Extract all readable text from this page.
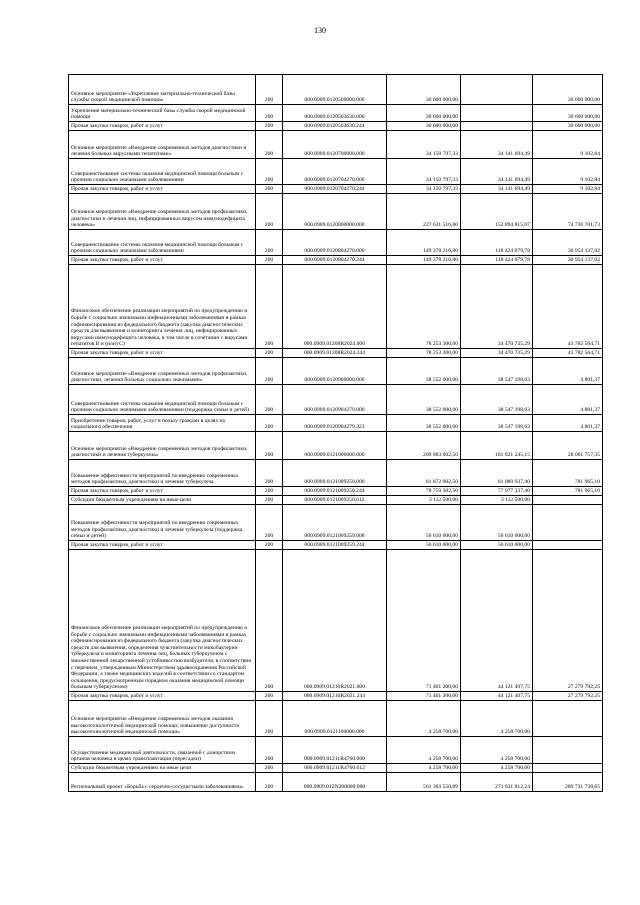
130
Основное мероприятие «Укрепление материально-технической базы службы скорой медицинской помощи»	200	000.0909.0120500000.000	30 600 000,00		30 600 000,00
Укрепление материально-технической базы службы скорой медицинской помощи	200	000.0909.0120503630.000	30 600 000,00		30 600 000,00
Прочая закупка товаров, работ и услуг	200	000.0909.0120503630.244	30 600 000,00		30 600 000,00
Основное мероприятие «Внедрение современных методов диагностики и лечения больных вирусными гепатитами»	200	000.0909.0120700000.000	34 150 797,33	34 141 694,49	9 102,84
Совершенствование системы оказания медицинской помощи больным с прочими социально значимыми заболеваниями	200	000.0909.0120704270.000	34 150 797,33	34 141 694,49	9 102,84
Прочая закупка товаров, работ и услуг	200	000.0909.0120704270.244	34 150 797,33	34 141 694,49	9 102,84
Основное мероприятие «Внедрение современных методов профилактики, диагностики и лечения лиц, инфицированных вирусом иммунодефицита человека»	200	000.0909.0120800000.000	227 631 516,80	152 894 815,07	74 736 701,73
Совершенствование системы оказания медицинской помощи больным с прочими социально значимыми заболеваниями	200	000.0909.0120804270.000	149 378 216,80	118 424 079,78	30 954 137,02
Прочая закупка товаров, работ и услуг	200	000.0909.0120804270.244	149 378 216,80	118 424 079,78	30 954 137,02
Финансовое обеспечение реализации мероприятий по предупреждению и борьбе с социально значимыми инфекционными заболеваниями в рамках софинансирования из федерального бюджета (закупка диагностических средств для выявления и мониторинга лечения лиц, инфицированных вирусами иммунодефицита человека, в том числе в сочетании с вирусами гепатитов В и (или) С)	200	000.0909.01208R2024.000	78 253 300,00	34 470 735,29	43 782 564,71
Прочая закупка товаров, работ и услуг	200	000.0909.01208R2024.244	78 253 300,00	34 470 735,29	43 782 564,71
Основное мероприятие «Внедрение современных методов профилактики, диагностики, лечения больных социально значимыми»	200	000.0909.0120900000.000	38 552 000,00	38 547 198,63	4 801,37
Совершенствование системы оказания медицинской помощи больным с прочими социально значимыми заболеваниями (поддержка семьи и детей)	200	000.0909.0120904279.000	38 552 000,00	38 547 198,63	4 801,37
Приобретение товаров, работ, услуг в пользу граждан в целях их социального обеспечения	200	000.0909.0120904279.323	38 552 000,00	38 547 198,63	4 801,37
Основное мероприятие «Внедрение современных методов профилактики, диагностики и лечения туберкулеза»	200	000.0909.0121000000.000	209 883 002,50	181 821 245,15	28 061 757,35
Повышение эффективности мероприятий по внедрению современных методов профилактики, диагностики и лечения туберкулеза	200	000.0909.0121009250.000	81 872 902,50	81 089 937,40	781 965,10
Прочая закупка товаров, работ и услуг	200	000.0909.0121009250.244	78 759 302,50	77 977 337,40	781 965,10
Субсидии бюджетным учреждениям на иные цели	200	000.0909.0121009250.612	3 112 500,00	3 112 500,00	
Повышение эффективности мероприятий по внедрению современных методов профилактики, диагностики и лечения туберкулеза (поддержка семьи и детей)	200	000.0909.0121009259.000	56 610 000,00	56 610 000,00	
Прочая закупка товаров, работ и услуг	200	000.0909.0121009259.244	56 610 000,00	56 610 000,00	
Финансовое обеспечение реализации мероприятий по предупреждению и борьбе с социально значимыми инфекционными заболеваниями в рамках софинансирования из федерального бюджета (закупка диагностических средств для выявления, определения чувствительности микобактерии туберкулеза и мониторинга лечения лиц, больных туберкулезом с множественной лекарственной устойчивостью возбудителя, в соответствии с перечнем, утвержденным Министерством здравоохранения Российской Федерации, а также медицинских изделий в соответствии со стандартом оснащения, предусмотренным порядком оказания медицинской помощи больным туберкулезом)	200	000.0909.01210R2021.000	71 401 200,00	44 121 407,75	27 279 792,25
Прочая закупка товаров, работ и услуг	200	000.0909.01210R2021.244	71 401 200,00	44 121 407,75	27 279 792,25
Основное мероприятие «Внедрение современных методов оказания высокотехнологичной медицинской помощи; повышение доступности высокотехнологичной медицинской помощи»	200	000.0909.0121100000.000	4 258 700,00	4 258 700,00	
Осуществление медицинской деятельности, связанной с донорством органов человека в целях трансплантации (пересадки)	200	000.0909.01211R4760.000	4 258 700,00	4 258 700,00	
Субсидии бюджетным учреждениям на иные цели	200	000.0909.01211R4760.612	4 258 700,00	4 258 700,00	
Региональный проект «Борьба с сердечно-сосудистыми заболеваниями»	200	000.0909.012N200000.000	561 363 550,89	271 631 812,24	289 731 738,65
